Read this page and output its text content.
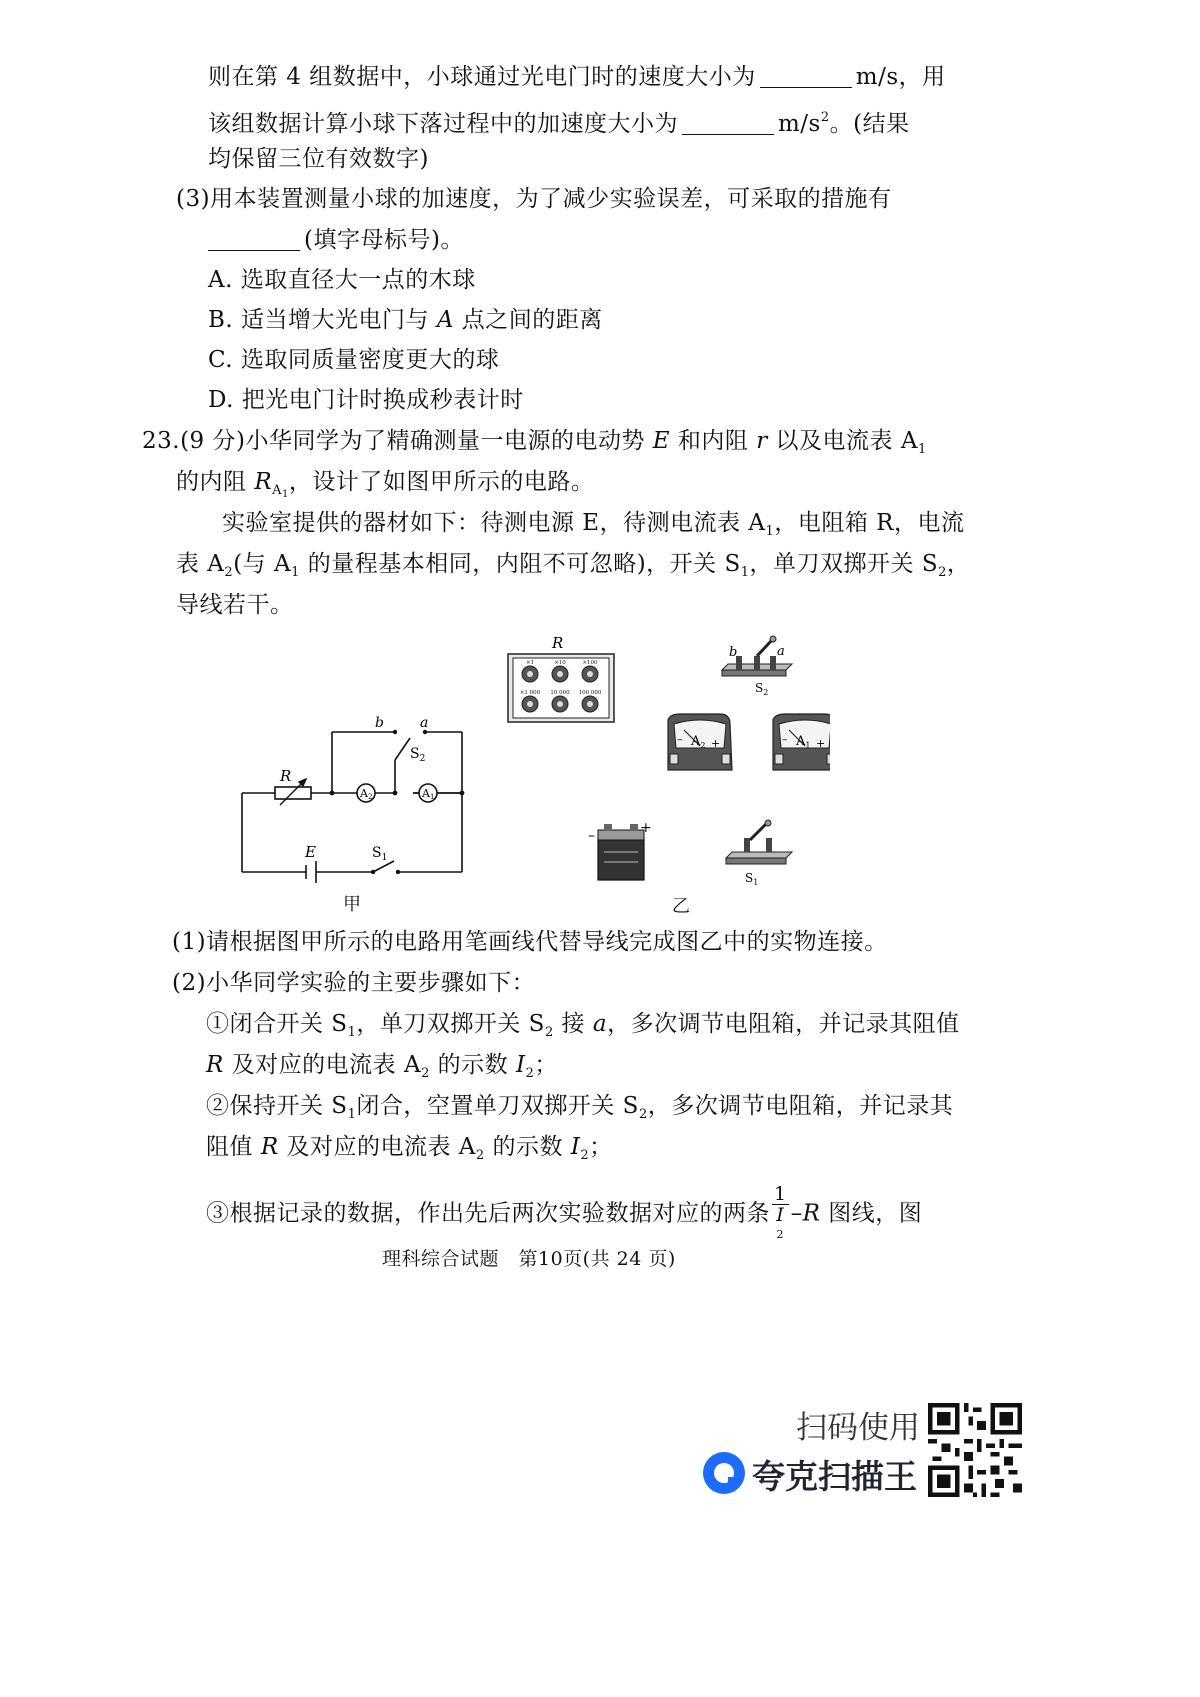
则在第 4 组数据中，小球通过光电门时的速度大小为	m/s，用
该组数据计算小球下落过程中的加速度大小为	$m/s^2$。(结果
均保留三位有效数字)
(3)用本装置测量小球的加速度，为了减少实验误差，可采取的措施有
(填字母标号)。
A. 选取直径大一点的木球
B. 适当增大光电门与 A 点之间的距离
C. 选取同质量密度更大的球
D. 把光电门计时换成秒表计时
23.(9 分)小华同学为了精确测量一电源的电动势 E 和内阻 r 以及电流表 $A_1$
的内阻 $R_{A1}$，设计了如图甲所示的电路。
实验室提供的器材如下：待测电源 E，待测电流表 $A_1$，电阻箱 R，电流
表 $A_2$(与 $A_1$ 的量程基本相同，内阻不可忽略)，开关 $S_1$，单刀双掷开关 $S_2$，
导线若干。
R
E	$S_1$
$S_2$
b	a
A2	A1
甲
R
×1	×10	×100
×1 000 10 000 100 000
b	a
$S_2$
– $A_2$ +	– $A_1$ +
–	+
$S_1$
乙
(1)请根据图甲所示的电路用笔画线代替导线完成图乙中的实物连接。
(2)小华同学实验的主要步骤如下：
①闭合开关 $S_1$，单刀双掷开关 $S_2$ 接 a，多次调节电阻箱，并记录其阻值
R 及对应的电流表 $A_2$ 的示数 $I_2$；
②保持开关 $S_1$闭合，空置单刀双掷开关 $S_2$，多次调节电阻箱，并记录其
阻值 R 及对应的电流表 $A_2$ 的示数 $I_2$；
③根据记录的数据，作出先后两次实验数据对应的两条 1
I
2 –R 图线，图
理科综合试题　第10页(共 24 页)
扫码使用
夸克扫描王
